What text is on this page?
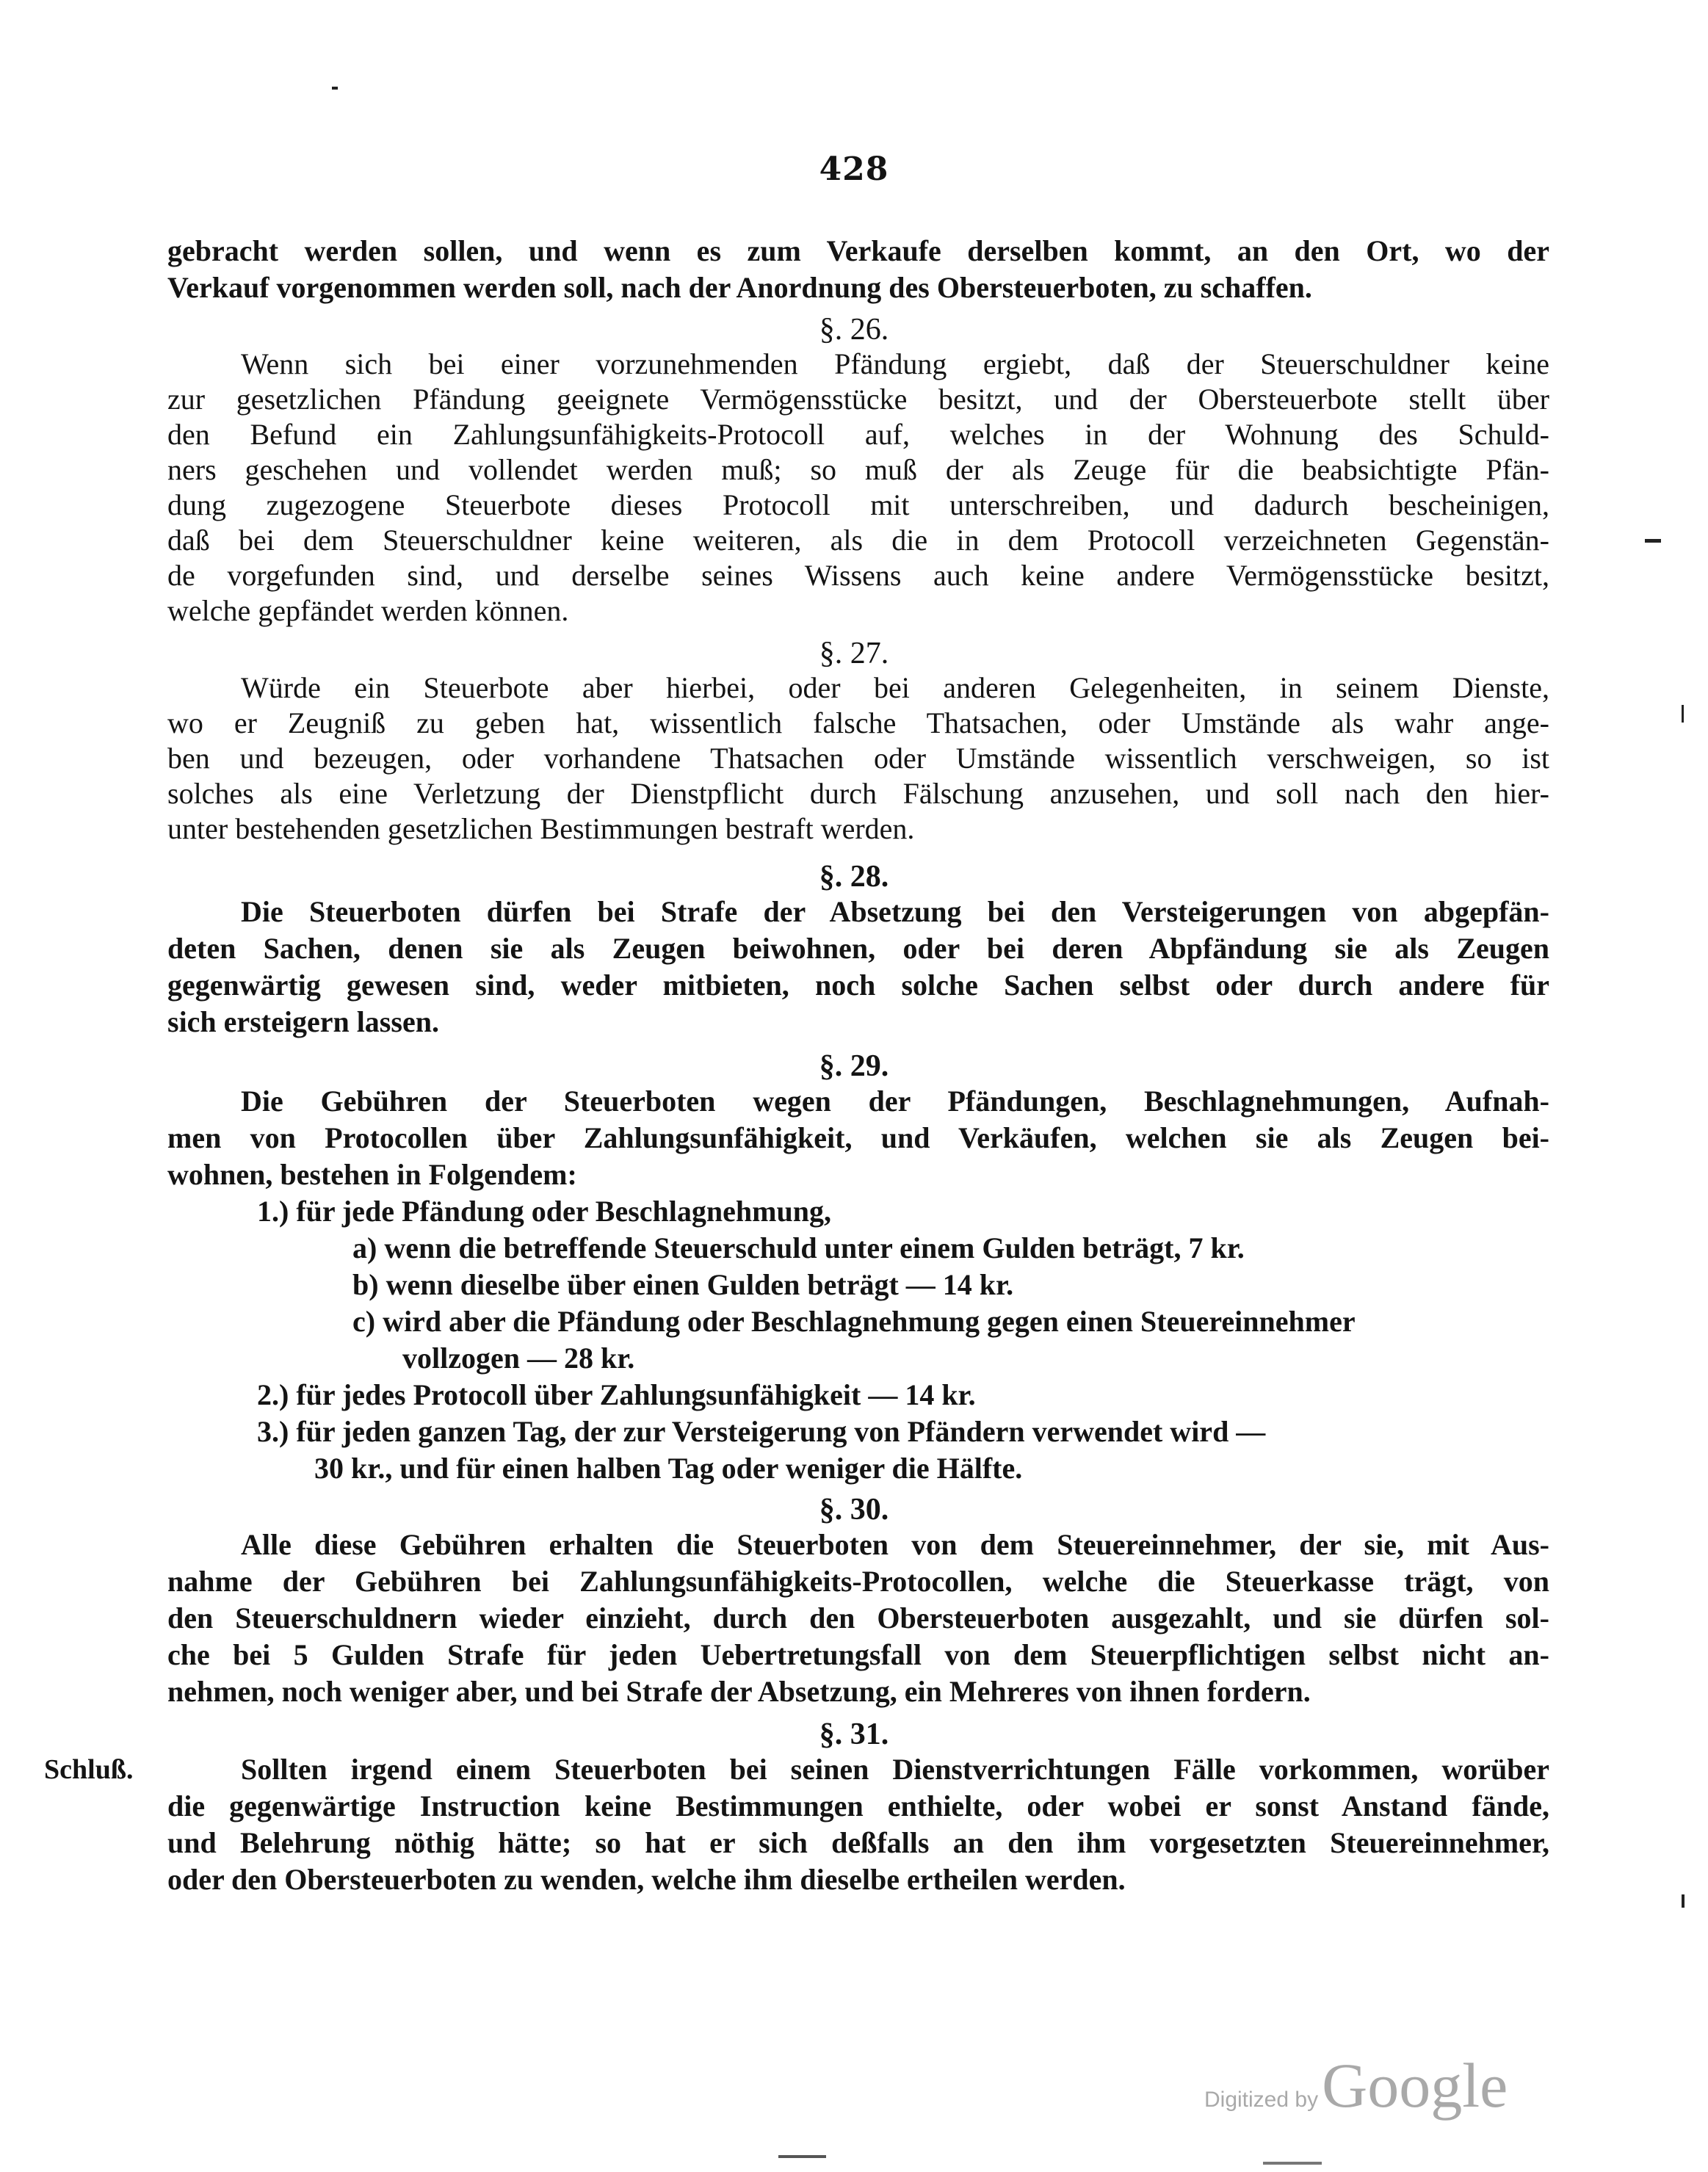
428
gebracht werden sollen, und wenn es zum Verkaufe derselben kommt, an den Ort, wo der
Verkauf vorgenommen werden soll, nach der Anordnung des Obersteuerboten, zu schaffen.
§. 26.
Wenn sich bei einer vorzunehmenden Pfändung ergiebt, daß der Steuerschuldner keine
zur gesetzlichen Pfändung geeignete Vermögensstücke besitzt, und der Obersteuerbote stellt über
den Befund ein Zahlungsunfähigkeits-Protocoll auf, welches in der Wohnung des Schuld-
ners geschehen und vollendet werden muß; so muß der als Zeuge für die beabsichtigte Pfän-
dung zugezogene Steuerbote dieses Protocoll mit unterschreiben, und dadurch bescheinigen,
daß bei dem Steuerschuldner keine weiteren, als die in dem Protocoll verzeichneten Gegenstän-
de vorgefunden sind, und derselbe seines Wissens auch keine andere Vermögensstücke besitzt,
welche gepfändet werden können.
§. 27.
Würde ein Steuerbote aber hierbei, oder bei anderen Gelegenheiten, in seinem Dienste,
wo er Zeugniß zu geben hat, wissentlich falsche Thatsachen, oder Umstände als wahr ange-
ben und bezeugen, oder vorhandene Thatsachen oder Umstände wissentlich verschweigen, so ist
solches als eine Verletzung der Dienstpflicht durch Fälschung anzusehen, und soll nach den hier-
unter bestehenden gesetzlichen Bestimmungen bestraft werden.
§. 28.
Die Steuerboten dürfen bei Strafe der Absetzung bei den Versteigerungen von abgepfän-
deten Sachen, denen sie als Zeugen beiwohnen, oder bei deren Abpfändung sie als Zeugen
gegenwärtig gewesen sind, weder mitbieten, noch solche Sachen selbst oder durch andere für
sich ersteigern lassen.
§. 29.
Die Gebühren der Steuerboten wegen der Pfändungen, Beschlagnehmungen, Aufnah-
men von Protocollen über Zahlungsunfähigkeit, und Verkäufen, welchen sie als Zeugen bei-
wohnen, bestehen in Folgendem:
1.) für jede Pfändung oder Beschlagnehmung,
a) wenn die betreffende Steuerschuld unter einem Gulden beträgt, 7 kr.
b) wenn dieselbe über einen Gulden beträgt — 14 kr.
c) wird aber die Pfändung oder Beschlagnehmung gegen einen Steuereinnehmer
vollzogen — 28 kr.
2.) für jedes Protocoll über Zahlungsunfähigkeit — 14 kr.
3.) für jeden ganzen Tag, der zur Versteigerung von Pfändern verwendet wird —
30 kr., und für einen halben Tag oder weniger die Hälfte.
§. 30.
Alle diese Gebühren erhalten die Steuerboten von dem Steuereinnehmer, der sie, mit Aus-
nahme der Gebühren bei Zahlungsunfähigkeits-Protocollen, welche die Steuerkasse trägt, von
den Steuerschuldnern wieder einzieht, durch den Obersteuerboten ausgezahlt, und sie dürfen sol-
che bei 5 Gulden Strafe für jeden Uebertretungsfall von dem Steuerpflichtigen selbst nicht an-
nehmen, noch weniger aber, und bei Strafe der Absetzung, ein Mehreres von ihnen fordern.
§. 31.
Schluß.	Sollten irgend einem Steuerboten bei seinen Dienstverrichtungen Fälle vorkommen, worüber
die gegenwärtige Instruction keine Bestimmungen enthielte, oder wobei er sonst Anstand fände,
und Belehrung nöthig hätte; so hat er sich deßfalls an den ihm vorgesetzten Steuereinnehmer,
oder den Obersteuerboten zu wenden, welche ihm dieselbe ertheilen werden.
Digitized by Google
